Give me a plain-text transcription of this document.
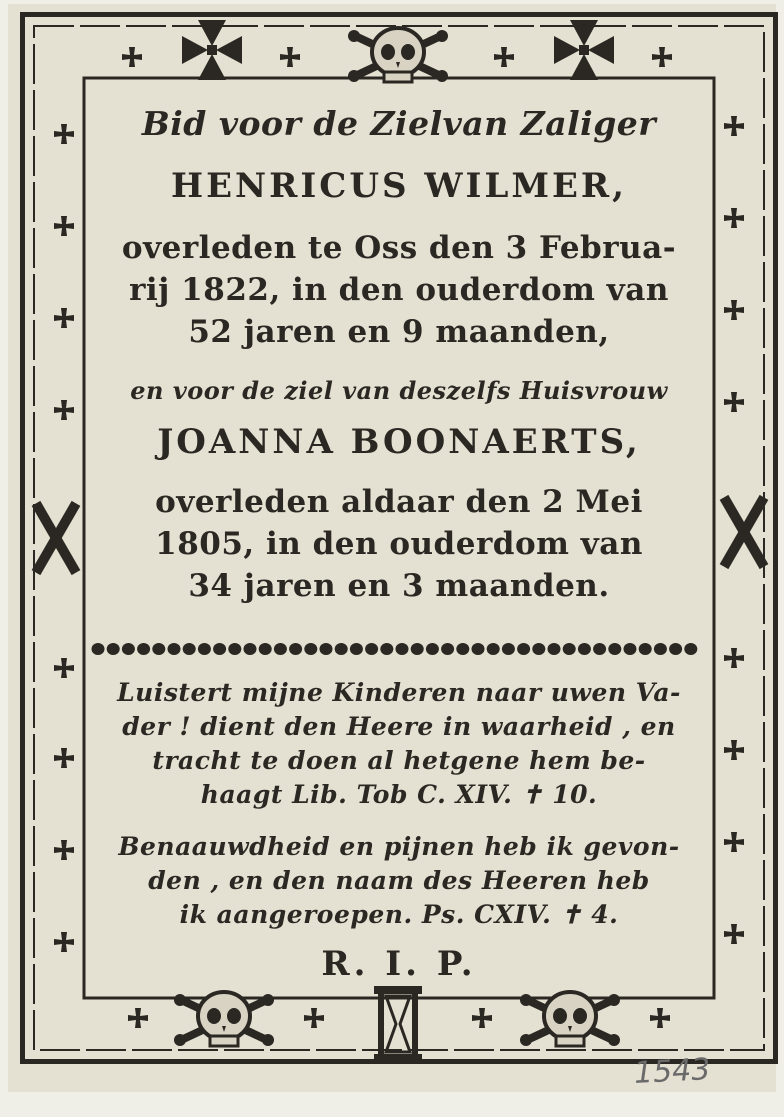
Bid voor de Zielvan Zaliger
HENRICUS WILMER,
overleden te Oss den 3 Februa-
rij 1822, in den ouderdom van
52 jaren en 9 maanden,
en voor de ziel van deszelfs Huisvrouw
JOANNA BOONAERTS,
overleden aldaar den 2 Mei
1805, in den ouderdom van
34 jaren en 3 maanden.
Luistert mijne Kinderen naar uwen Va-
der ! dient den Heere in waarheid , en
tracht te doen al hetgene hem be-
haagt Lib. Tob C. XIV. ✝ 10.
Benaauwdheid en pijnen heb ik gevon-
den , en den naam des Heeren heb
ik aangeroepen. Ps. CXIV. ✝ 4.
R. I. P.
1543
